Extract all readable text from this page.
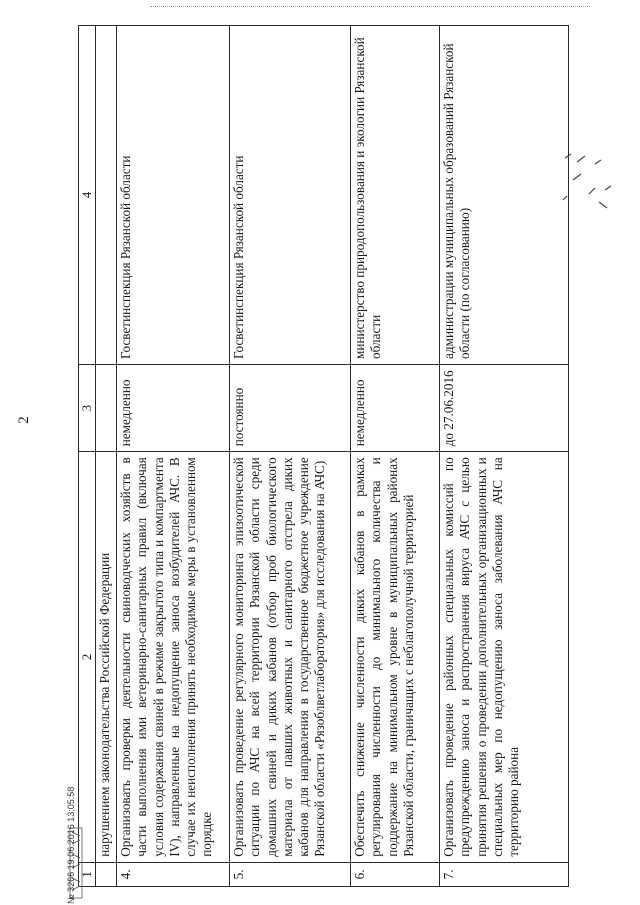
2
1	2	3	4
	нарушением законодательства Российской Федерации		
4.	Организовать проверки деятельности свиноводческих хозяйств в части выполнения ими ветеринарно-санитарных правил (включая условия содержания свиней в режиме закрытого типа и компартмента IV), направленные на недопущение заноса возбудителей АЧС. В случае их неисполнения принять необходимые меры в установленном порядке	немедленно	Госветинспекция Рязанской области
5.	Организовать проведение регулярного мониторинга эпизоотической ситуации по АЧС на всей территории Рязанской области среди домашних свиней и диких кабанов (отбор проб биологического материала от павших животных и санитарного отстрела диких кабанов для направления в государственное бюджетное учреждение Рязанской области «Рязоблветлаборатория» для исследования на АЧС)	постоянно	Госветинспекция Рязанской области
6.	Обеспечить снижение численности диких кабанов в рамках регулирования численности до минимального количества и поддержание на минимальном уровне в муниципальных районах Рязанской области, граничащих с неблагополучной территорией	немедленно	министерство природопользования и экологии Рязанской области
7.	Организовать проведение районных специальных комиссий по предупреждению заноса и распространения вируса АЧС с целью принятия решения о проведении дополнительных организационных и специальных мер по недопущению заноса заболевания АЧС на территорию района	до 27.06.2016	администрации муниципальных образований Рязанской области (по согласованию)
№ 3266 19.06.2016 13:05:58
